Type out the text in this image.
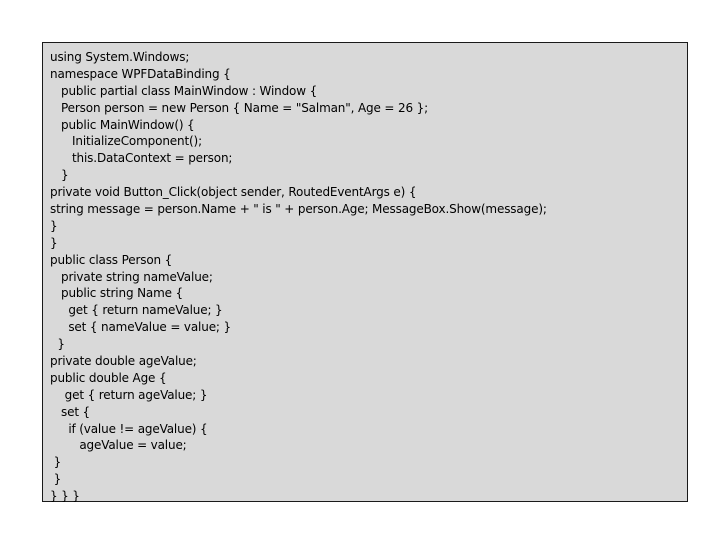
using System.Windows;
namespace WPFDataBinding {
public partial class MainWindow : Window {
Person person = new Person { Name = "Salman", Age = 26 };
public MainWindow() {
InitializeComponent();
this.DataContext = person;
}
private void Button_Click(object sender, RoutedEventArgs e) {
string message = person.Name + " is " + person.Age; MessageBox.Show(message);
}
}
public class Person {
private string nameValue;
public string Name {
get { return nameValue; }
set { nameValue = value; }
}
private double ageValue;
public double Age {
get { return ageValue; }
set {
if (value != ageValue) {
ageValue = value;
}
}
} } }
